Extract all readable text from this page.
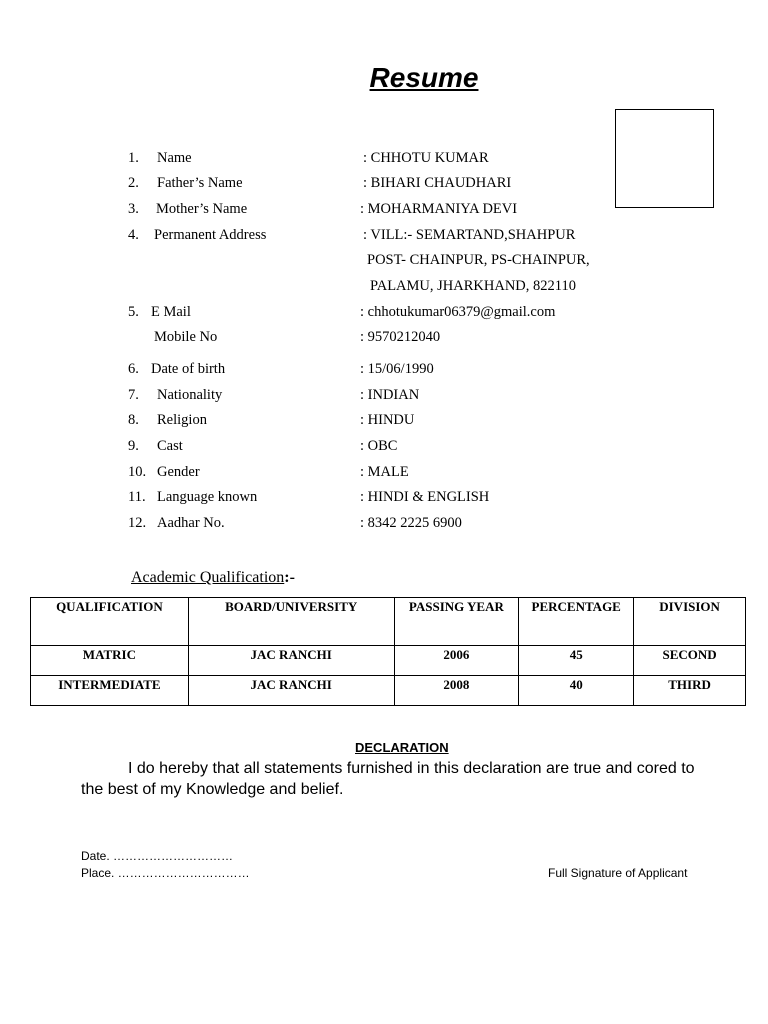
Resume
1. Name	: CHHOTU KUMAR
2. Father’s Name	: BIHARI CHAUDHARI
3. Mother’s Name	: MOHARMANIYA DEVI
4. Permanent Address	: VILL:- SEMARTAND,SHAHPUR
POST- CHAINPUR, PS-CHAINPUR,
PALAMU, JHARKHAND, 822110
5. E Mail	: chhotukumar06379@gmail.com
Mobile No	: 9570212040
6. Date of birth	: 15/06/1990
7. Nationality	: INDIAN
8. Religion	: HINDU
9. Cast	: OBC
10. Gender	: MALE
11. Language known	: HINDI & ENGLISH
12. Aadhar No.	: 8342 2225 6900
Academic Qualification:-
QUALIFICATION	BOARD/UNIVERSITY	PASSING YEAR	PERCENTAGE	DIVISION
MATRIC	JAC RANCHI	2006	45	SECOND
INTERMEDIATE	JAC RANCHI	2008	40	THIRD
DECLARATION
I do hereby that all statements furnished in this declaration are true and cored to the best of my Knowledge and belief.
Date. …………………………
Place. ……………………………	Full Signature of Applicant
